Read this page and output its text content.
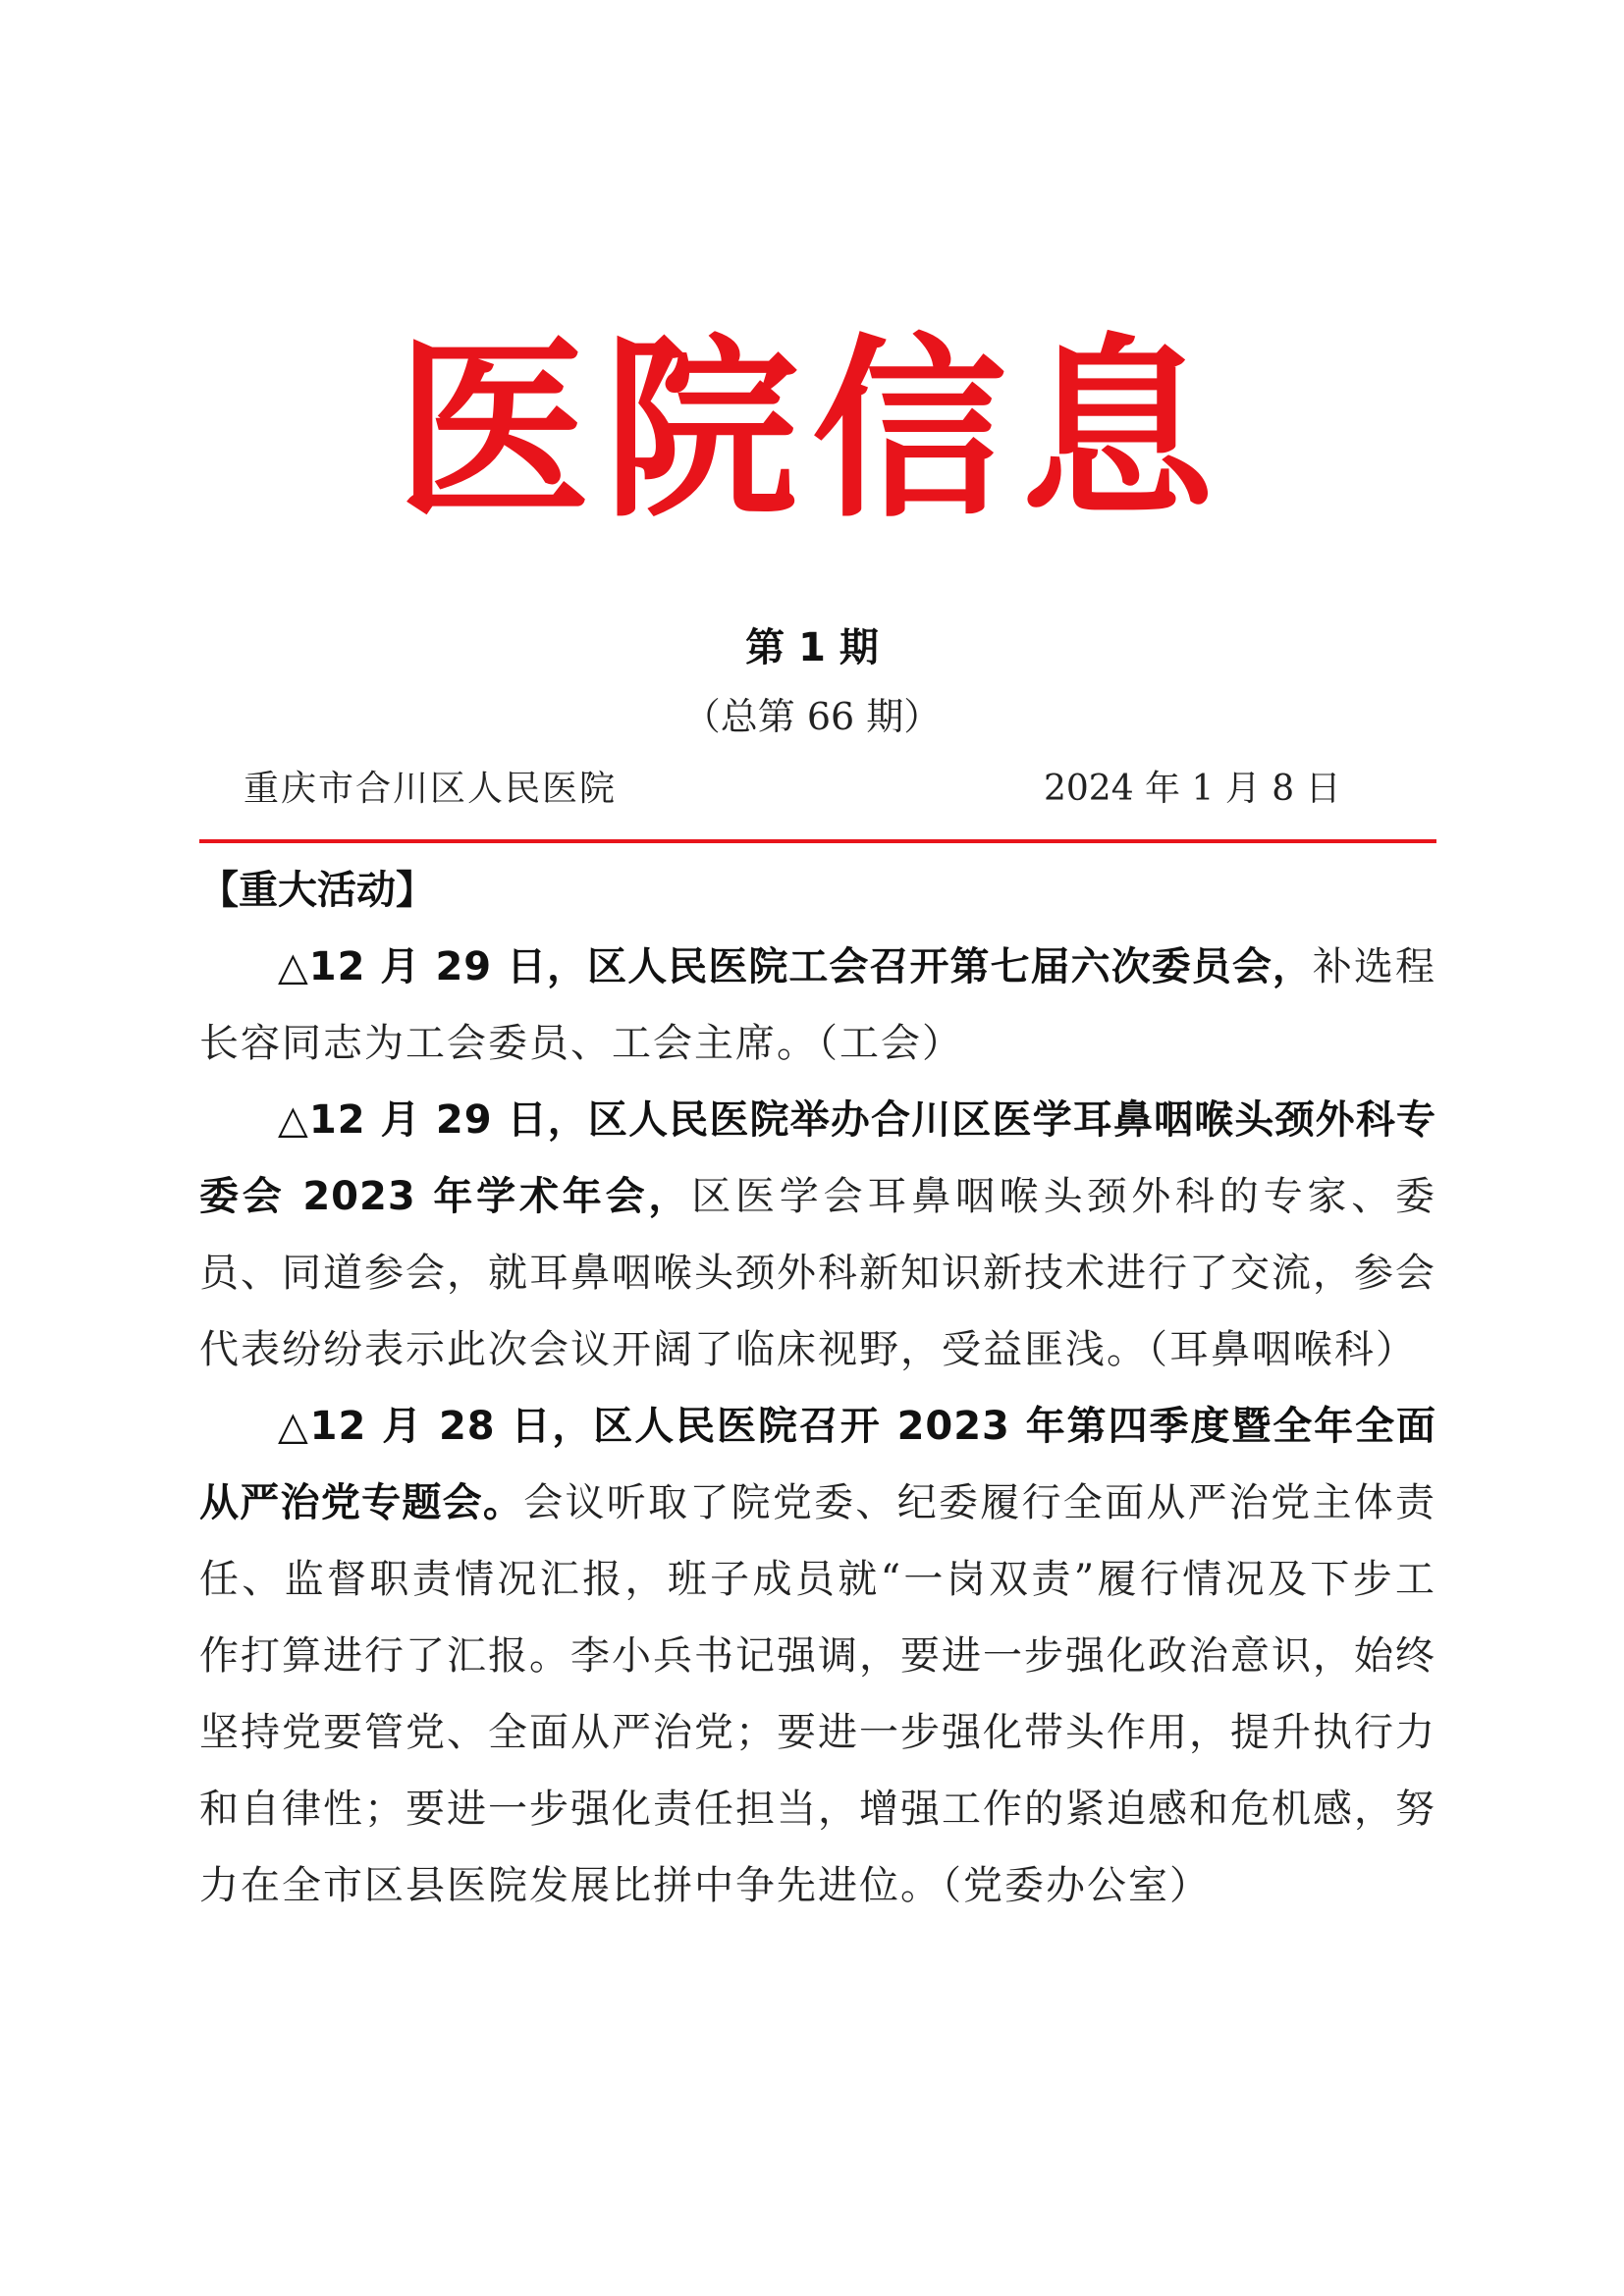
医院信息
第 1 期
（总第 66 期）
重庆市合川区人民医院	2024 年 1 月 8 日

【重大活动】

△12 月 29 日，区人民医院工会召开第七届六次委员会，补选程长容同志为工会委员、工会主席。（工会）

△12 月 29 日，区人民医院举办合川区医学耳鼻咽喉头颈外科专委会 2023 年学术年会，区医学会耳鼻咽喉头颈外科的专家、委员、同道参会，就耳鼻咽喉头颈外科新知识新技术进行了交流，参会代表纷纷表示此次会议开阔了临床视野，受益匪浅。（耳鼻咽喉科）

△12 月 28 日，区人民医院召开 2023 年第四季度暨全年全面从严治党专题会。会议听取了院党委、纪委履行全面从严治党主体责任、监督职责情况汇报，班子成员就“一岗双责”履行情况及下步工作打算进行了汇报。李小兵书记强调，要进一步强化政治意识，始终坚持党要管党、全面从严治党；要进一步强化带头作用，提升执行力和自律性；要进一步强化责任担当，增强工作的紧迫感和危机感，努力在全市区县医院发展比拼中争先进位。（党委办公室）
